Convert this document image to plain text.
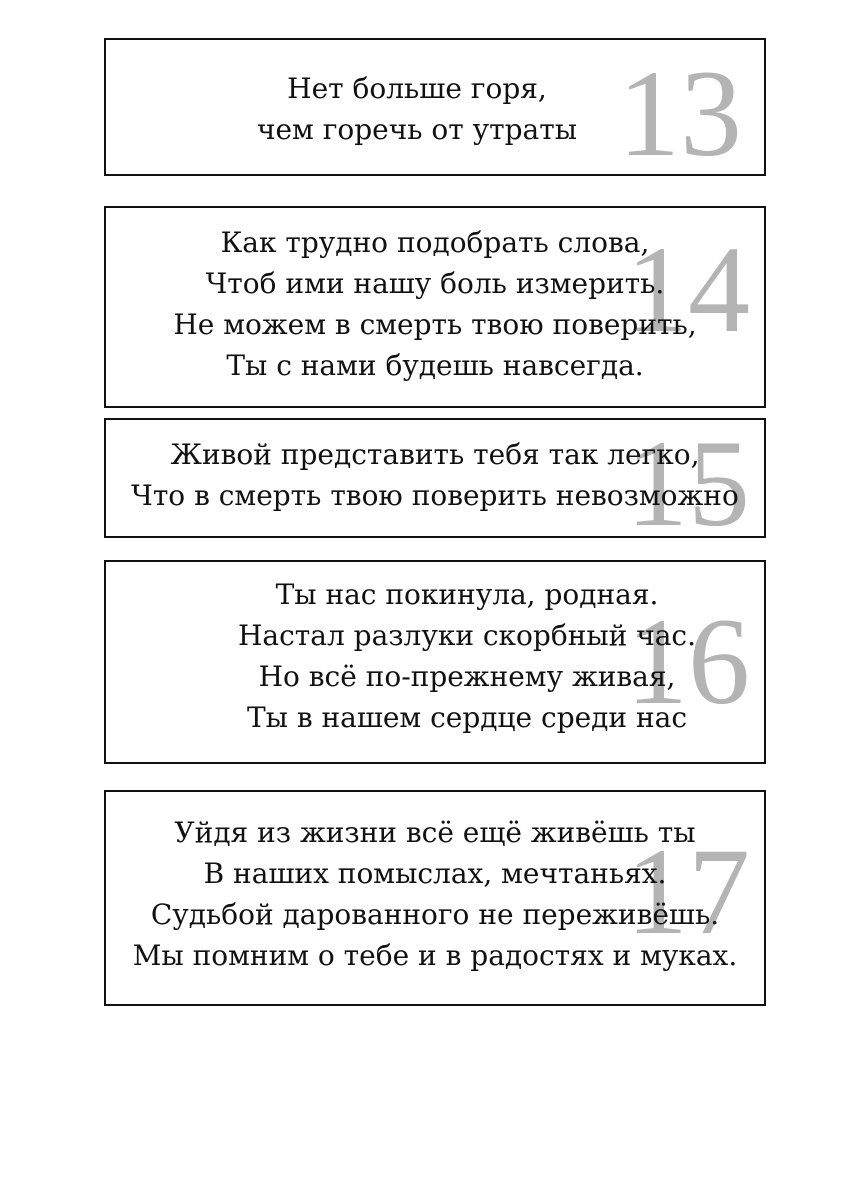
13
Нет больше горя,
чем горечь от утраты
14
Как трудно подобрать слова,
Чтоб ими нашу боль измерить.
Не можем в смерть твою поверить,
Ты с нами будешь навсегда.
15
Живой представить тебя так легко,
Что в смерть твою поверить невозможно
16
Ты нас покинула, родная.
Настал разлуки скорбный час.
Но всё по-прежнему живая,
Ты в нашем сердце среди нас
17
Уйдя из жизни всё ещё живёшь ты
В наших помыслах, мечтаньях.
Судьбой дарованного не переживёшь.
Мы помним о тебе и в радостях и муках.
